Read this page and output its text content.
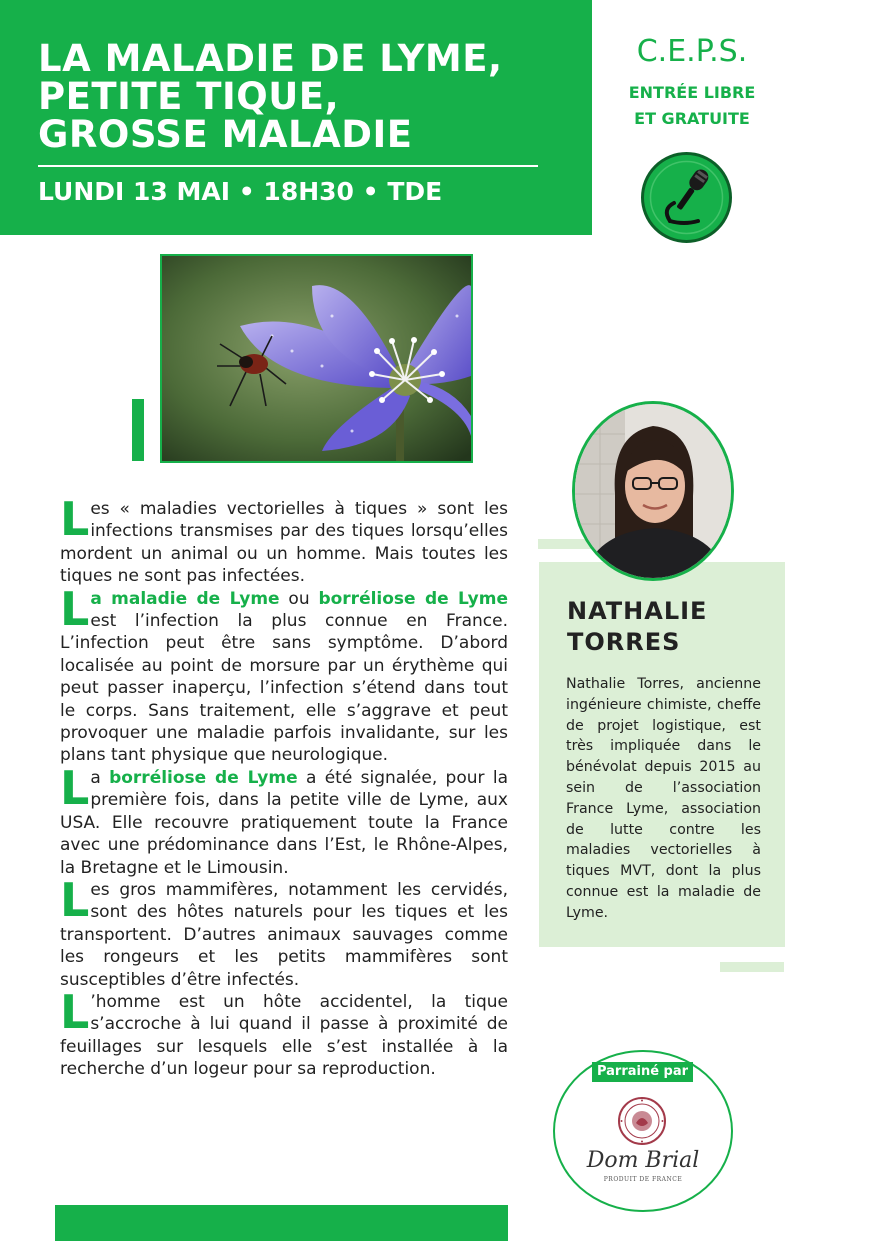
LA MALADIE DE LYME,
PETITE TIQUE,
GROSSE MALADIE
LUNDI 13 MAI • 18H30 • TDE
C.E.P.S.
ENTRÉE LIBRE
ET GRATUITE

Les « maladies vectorielles à tiques » sont les infections transmises par des tiques lorsqu’elles mordent un animal ou un homme. Mais toutes les tiques ne sont pas infectées.

La maladie de Lyme ou borréliose de Lyme est l’infection la plus connue en France. L’infection peut être sans symptôme. D’abord localisée au point de morsure par un érythème qui peut passer inaperçu, l’infection s’étend dans tout le corps. Sans traitement, elle s’aggrave et peut provoquer une maladie parfois invalidante, sur les plans tant physique que neurologique.

La borréliose de Lyme a été signalée, pour la première fois, dans la petite ville de Lyme, aux USA. Elle recouvre pratiquement toute la France avec une prédominance dans l’Est, le Rhône-Alpes, la Bretagne et le Limousin.

Les gros mammifères, notamment les cervidés, sont des hôtes naturels pour les tiques et les transportent. D’autres animaux sauvages comme les rongeurs et les petits mammifères sont susceptibles d’être infectés.

L ’homme est un hôte accidentel, la tique s’accroche à lui quand il passe à proximité de feuillages sur lesquels elle s’est installée à la recherche d’un logeur pour sa reproduction.

NATHALIE
TORRES
Nathalie Torres, ancienne ingénieure chimiste, cheffe de projet logistique, est très impliquée dans le bénévolat depuis 2015 au sein de l’association France Lyme, association de lutte contre les maladies vectorielles à tiques MVT, dont la plus connue est la maladie de Lyme.
Parrainé par
Dom Brial
PRODUIT DE FRANCE
